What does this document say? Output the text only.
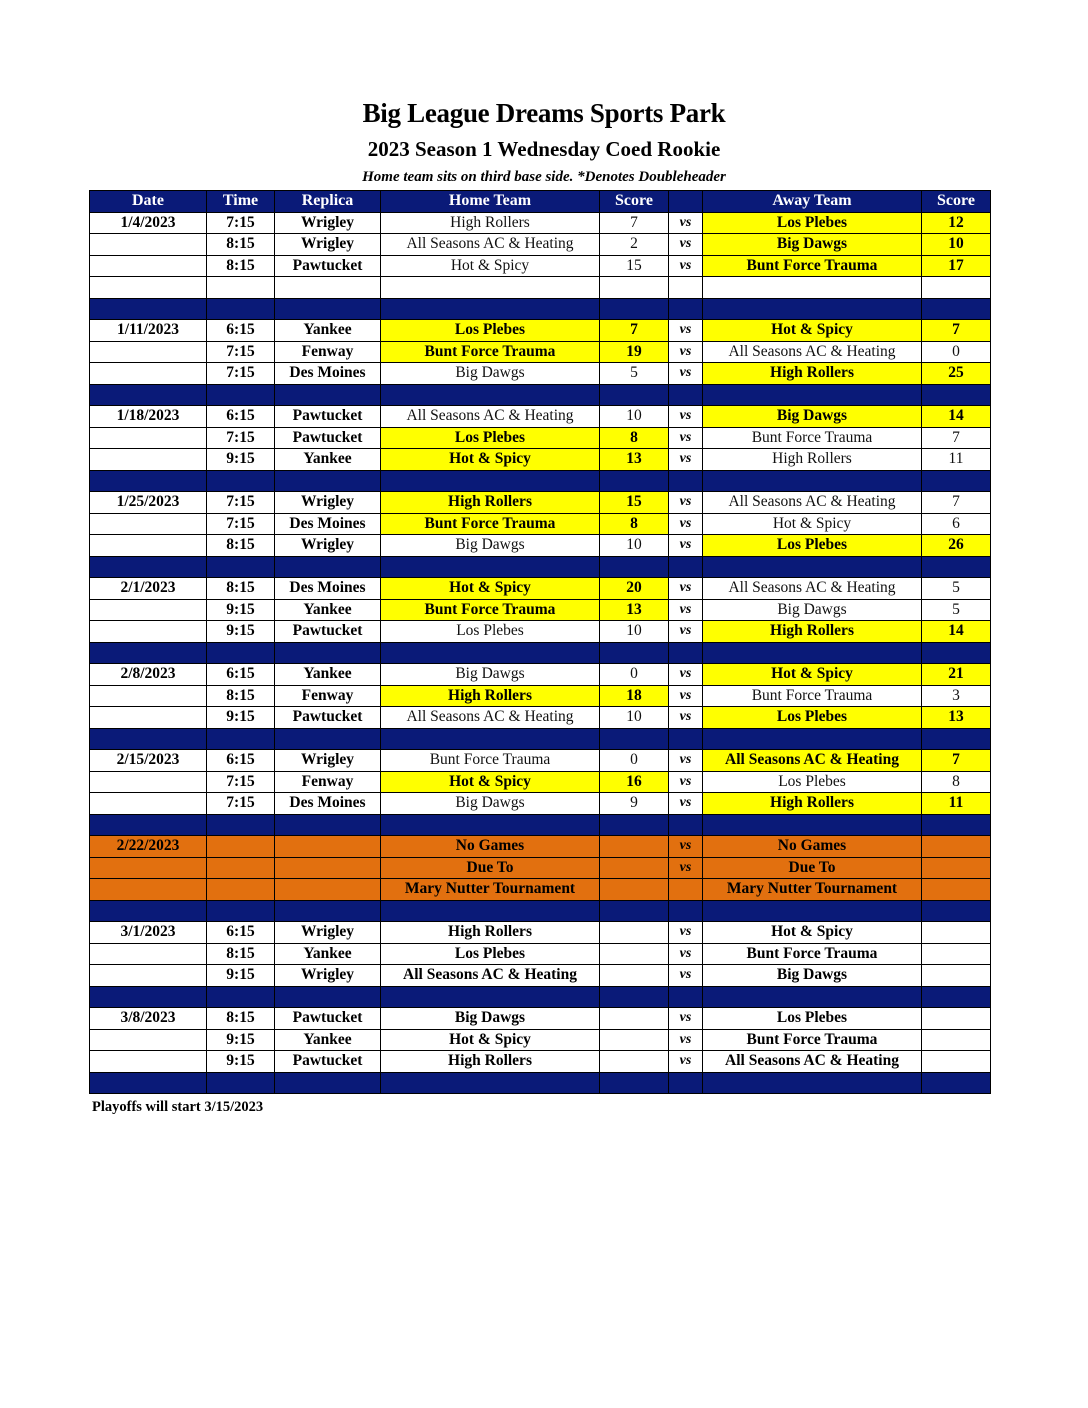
Big League Dreams Sports Park
2023 Season 1 Wednesday Coed Rookie
Home team sits on third base side. *Denotes Doubleheader
Date	Time	Replica	Home Team	Score		Away Team	Score
1/4/2023	7:15	Wrigley	High Rollers	7	vs	Los Plebes	12
	8:15	Wrigley	All Seasons AC & Heating	2	vs	Big Dawgs	10
	8:15	Pawtucket	Hot & Spicy	15	vs	Bunt Force Trauma	17

1/11/2023	6:15	Yankee	Los Plebes	7	vs	Hot & Spicy	7
	7:15	Fenway	Bunt Force Trauma	19	vs	All Seasons AC & Heating	0
	7:15	Des Moines	Big Dawgs	5	vs	High Rollers	25

1/18/2023	6:15	Pawtucket	All Seasons AC & Heating	10	vs	Big Dawgs	14
	7:15	Pawtucket	Los Plebes	8	vs	Bunt Force Trauma	7
	9:15	Yankee	Hot & Spicy	13	vs	High Rollers	11

1/25/2023	7:15	Wrigley	High Rollers	15	vs	All Seasons AC & Heating	7
	7:15	Des Moines	Bunt Force Trauma	8	vs	Hot & Spicy	6
	8:15	Wrigley	Big Dawgs	10	vs	Los Plebes	26

2/1/2023	8:15	Des Moines	Hot & Spicy	20	vs	All Seasons AC & Heating	5
	9:15	Yankee	Bunt Force Trauma	13	vs	Big Dawgs	5
	9:15	Pawtucket	Los Plebes	10	vs	High Rollers	14

2/8/2023	6:15	Yankee	Big Dawgs	0	vs	Hot & Spicy	21
	8:15	Fenway	High Rollers	18	vs	Bunt Force Trauma	3
	9:15	Pawtucket	All Seasons AC & Heating	10	vs	Los Plebes	13

2/15/2023	6:15	Wrigley	Bunt Force Trauma	0	vs	All Seasons AC & Heating	7
	7:15	Fenway	Hot & Spicy	16	vs	Los Plebes	8
	7:15	Des Moines	Big Dawgs	9	vs	High Rollers	11

2/22/2023			No Games		vs	No Games	
			Due To		vs	Due To	
			Mary Nutter Tournament			Mary Nutter Tournament	

3/1/2023	6:15	Wrigley	High Rollers		vs	Hot & Spicy	
	8:15	Yankee	Los Plebes		vs	Bunt Force Trauma	
	9:15	Wrigley	All Seasons AC & Heating		vs	Big Dawgs	

3/8/2023	8:15	Pawtucket	Big Dawgs		vs	Los Plebes	
	9:15	Yankee	Hot & Spicy		vs	Bunt Force Trauma	
	9:15	Pawtucket	High Rollers		vs	All Seasons AC & Heating	

Playoffs will start 3/15/2023
